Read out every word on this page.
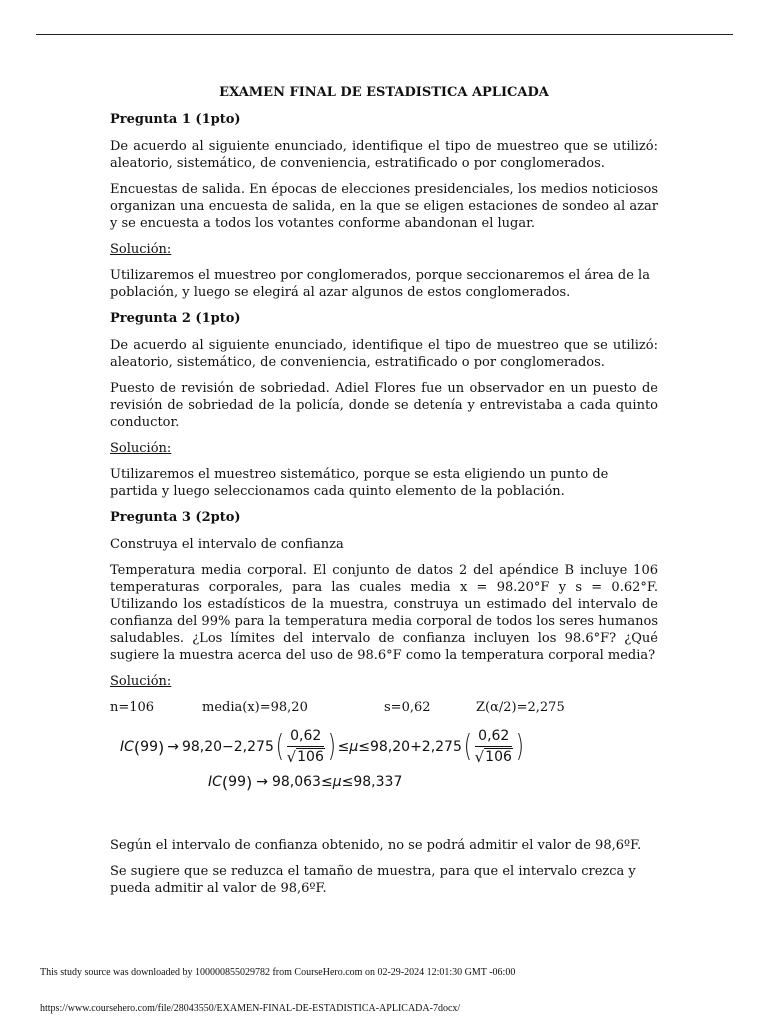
EXAMEN FINAL DE ESTADISTICA APLICADA
Pregunta 1 (1pto)

De acuerdo al siguiente enunciado, identifique el tipo de muestreo que se utilizó: aleatorio, sistemático, de conveniencia, estratificado o por conglomerados.

Encuestas de salida. En épocas de elecciones presidenciales, los medios noticiosos organizan una encuesta de salida, en la que se eligen estaciones de sondeo al azar y se encuesta a todos los votantes conforme abandonan el lugar.

Solución:

Utilizaremos el muestreo por conglomerados, porque seccionaremos el área de la población, y luego se elegirá al azar algunos de estos conglomerados.

Pregunta 2 (1pto)

De acuerdo al siguiente enunciado, identifique el tipo de muestreo que se utilizó: aleatorio, sistemático, de conveniencia, estratificado o por conglomerados.

Puesto de revisión de sobriedad. Adiel Flores fue un observador en un puesto de revisión de sobriedad de la policía, donde se detenía y entrevistaba a cada quinto conductor.

Solución:

Utilizaremos el muestreo sistemático, porque se esta eligiendo un punto de partida y luego seleccionamos cada quinto elemento de la población.

Pregunta 3 (2pto)

Construya el intervalo de confianza

Temperatura media corporal. El conjunto de datos 2 del apéndice B incluye 106 temperaturas corporales, para las cuales media x = 98.20°F y s = 0.62°F. Utilizando los estadísticos de la muestra, construya un estimado del intervalo de confianza del 99% para la temperatura media corporal de todos los seres humanos saludables. ¿Los límites del intervalo de confianza incluyen los 98.6°F? ¿Qué sugiere la muestra acerca del uso de 98.6°F como la temperatura corporal media?

Solución:
n=106	media(x)=98,20	s=0,62	Z(α/2)=2,275
IC ( 99 ) → 98,20−2,275 ( $\frac{0,62}{√ 106}$ ) ≤ μ ≤ 98,20+2,275 ( $\frac{0,62}{√ 106}$ )
IC ( 99 ) → 98,063 ≤ μ ≤ 98,337

Según el intervalo de confianza obtenido, no se podrá admitir el valor de 98,6ºF.

Se sugiere que se reduzca el tamaño de muestra, para que el intervalo crezca y pueda admitir al valor de 98,6ºF.

This study source was downloaded by 100000855029782 from CourseHero.com on 02-29-2024 12:01:30 GMT -06:00
https://www.coursehero.com/file/28043550/EXAMEN-FINAL-DE-ESTADISTICA-APLICADA-7docx/
